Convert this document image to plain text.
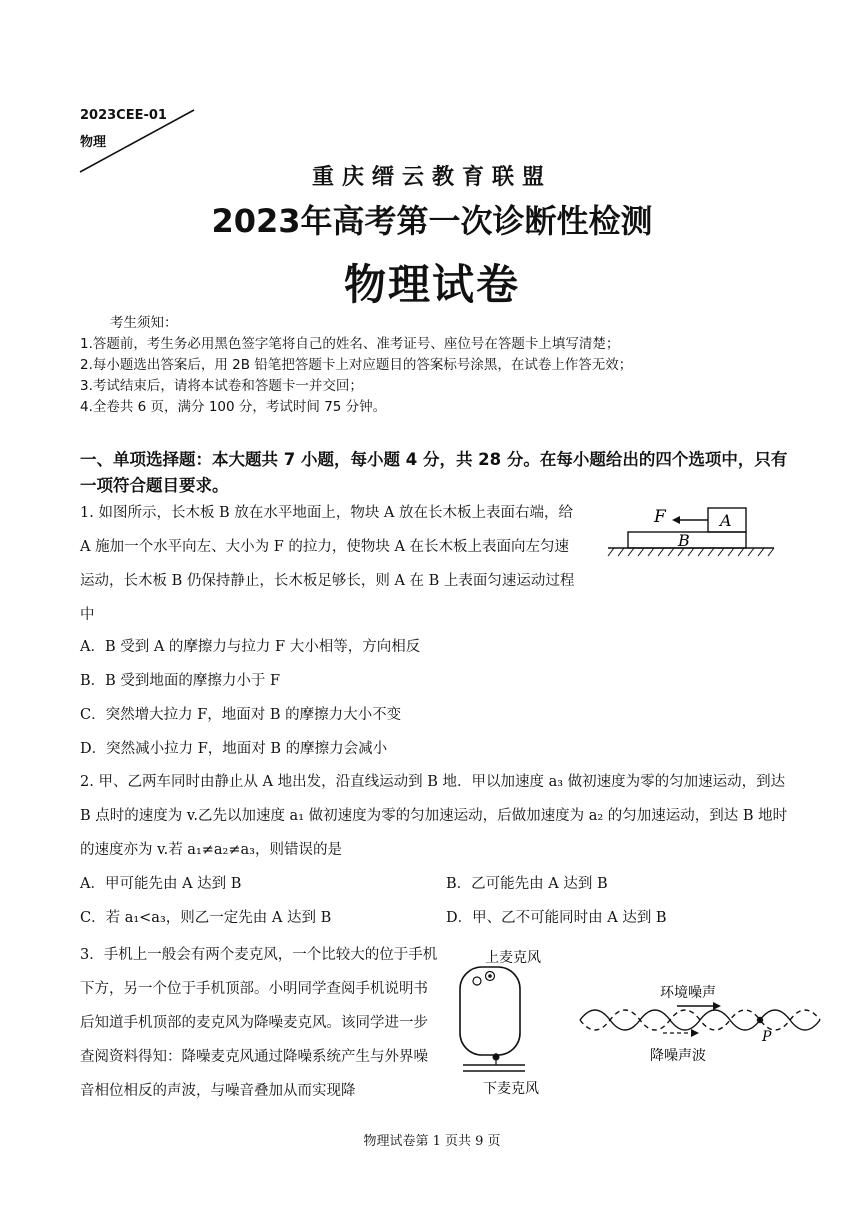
2023CEE-01
物理
重庆缙云教育联盟
2023年高考第一次诊断性检测
物理试卷
考生须知：
1.答题前，考生务必用黑色签字笔将自己的姓名、准考证号、座位号在答题卡上填写清楚；
2.每小题选出答案后，用 2B 铅笔把答题卡上对应题目的答案标号涂黑，在试卷上作答无效；
3.考试结束后，请将本试卷和答题卡一并交回；
4.全卷共 6 页，满分 100 分，考试时间 75 分钟。
一、单项选择题：本大题共 7 小题，每小题 4 分，共 28 分。在每小题给出的四个选项中，只有一项符合题目要求。
1. 如图所示，长木板 B 放在水平地面上，物块 A 放在长木板上表面右端，给 A 施加一个水平向左、大小为 F 的拉力，使物块 A 在长木板上表面向左匀速运动，长木板 B 仍保持静止，长木板足够长，则 A 在 B 上表面匀速运动过程中
F	A
B
A．B 受到 A 的摩擦力与拉力 F 大小相等，方向相反
B．B 受到地面的摩擦力小于 F
C．突然增大拉力 F，地面对 B 的摩擦力大小不变
D．突然减小拉力 F，地面对 B 的摩擦力会减小
2. 甲、乙两车同时由静止从 A 地出发，沿直线运动到 B 地．甲以加速度 a₃ 做初速度为零的匀加速运动，到达 B 点时的速度为 v.乙先以加速度 a₁ 做初速度为零的匀加速运动，后做加速度为 a₂ 的匀加速运动，到达 B 地时的速度亦为 v.若 a₁≠a₂≠a₃，则错误的是
A．甲可能先由 A 达到 B	B．乙可能先由 A 达到 B
C．若 a₁<a₃，则乙一定先由 A 达到 B	D．甲、乙不可能同时由 A 达到 B
3．手机上一般会有两个麦克风，一个比较大的位于手机下方，另一个位于手机顶部。小明同学查阅手机说明书后知道手机顶部的麦克风为降噪麦克风。该同学进一步查阅资料得知：降噪麦克风通过降噪系统产生与外界噪音相位相反的声波，与噪音叠加从而实现降
上麦克风
下麦克风
P
环境噪声
降噪声波
物理试卷第 1 页共 9 页
